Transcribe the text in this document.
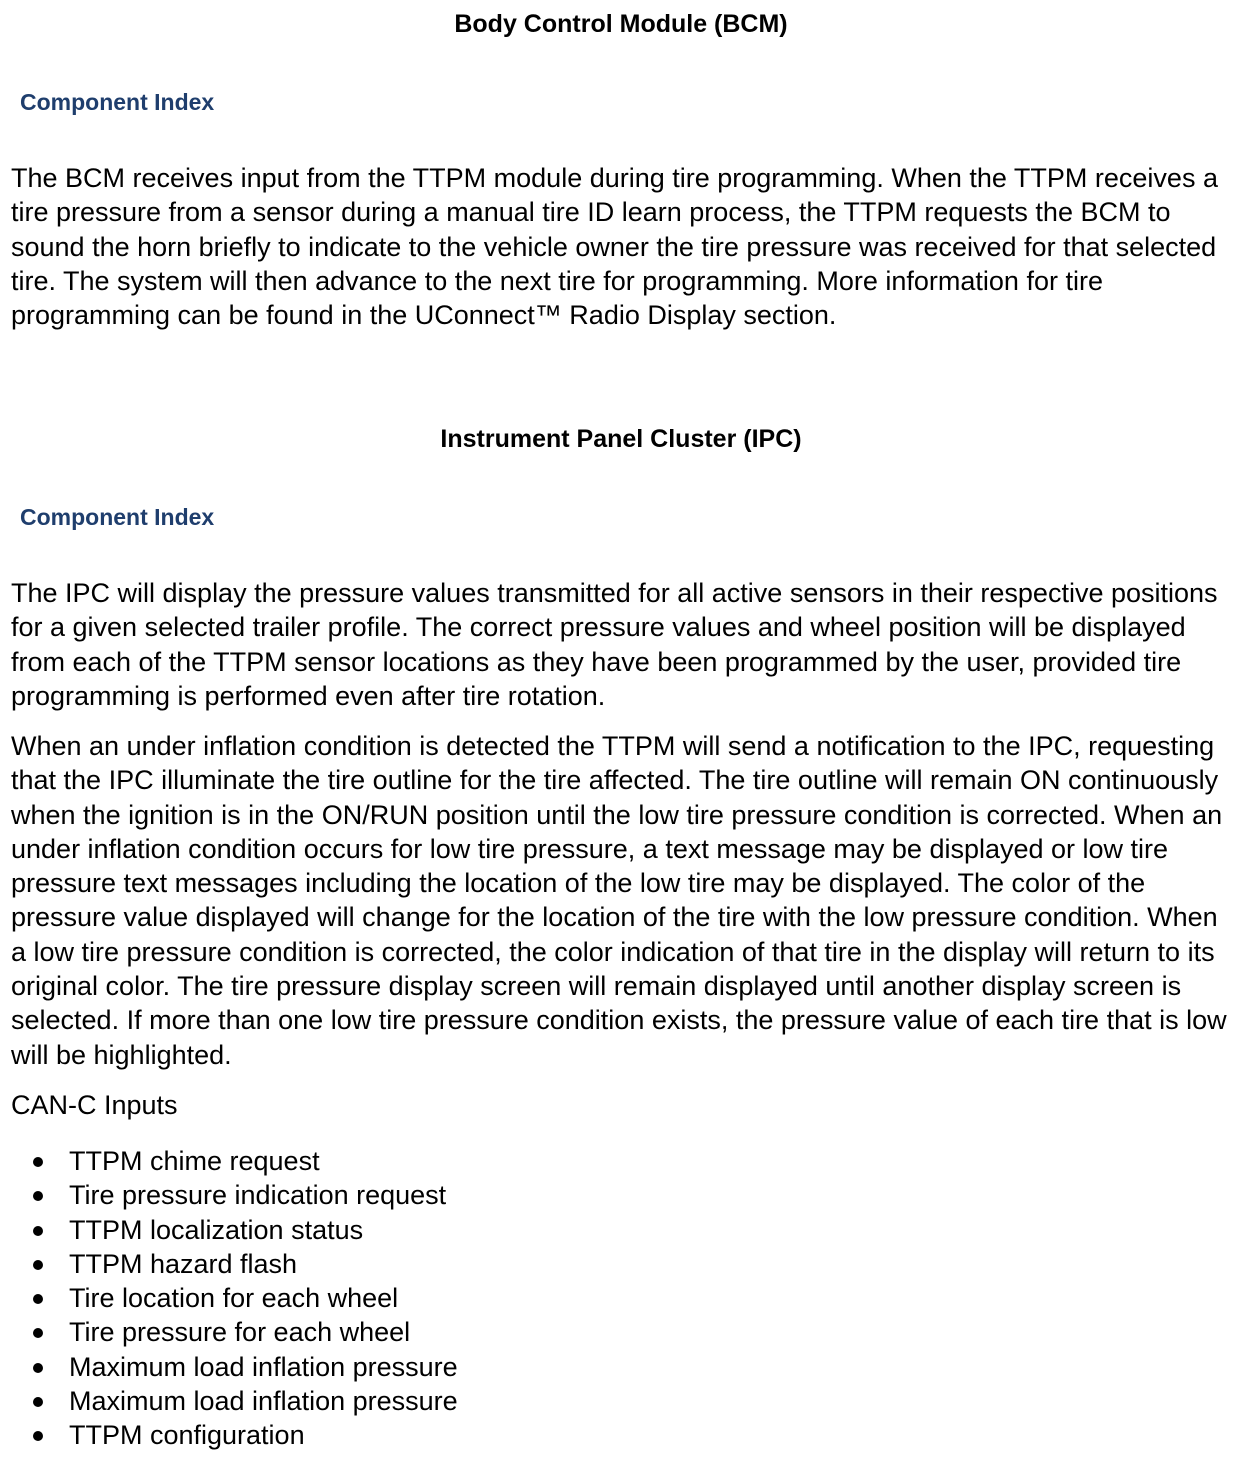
Body Control Module (BCM)
Component Index

The BCM receives input from the TTPM module during tire programming. When the TTPM receives a tire pressure from a sensor during a manual tire ID learn process, the TTPM requests the BCM to sound the horn briefly to indicate to the vehicle owner the tire pressure was received for that selected tire. The system will then advance to the next tire for programming. More information for tire programming can be found in the UConnect™ Radio Display section.

Instrument Panel Cluster (IPC)
Component Index

The IPC will display the pressure values transmitted for all active sensors in their respective positions for a given selected trailer profile. The correct pressure values and wheel position will be displayed from each of the TTPM sensor locations as they have been programmed by the user, provided tire programming is performed even after tire rotation.

When an under inflation condition is detected the TTPM will send a notification to the IPC, requesting that the IPC illuminate the tire outline for the tire affected. The tire outline will remain ON continuously when the ignition is in the ON/RUN position until the low tire pressure condition is corrected. When an under inflation condition occurs for low tire pressure, a text message may be displayed or low tire pressure text messages including the location of the low tire may be displayed. The color of the pressure value displayed will change for the location of the tire with the low pressure condition. When a low tire pressure condition is corrected, the color indication of that tire in the display will return to its original color. The tire pressure display screen will remain displayed until another display screen is selected. If more than one low tire pressure condition exists, the pressure value of each tire that is low will be highlighted.

CAN-C Inputs

TTPM chime request
Tire pressure indication request
TTPM localization status
TTPM hazard flash
Tire location for each wheel
Tire pressure for each wheel
Maximum load inflation pressure
Maximum load inflation pressure
TTPM configuration
